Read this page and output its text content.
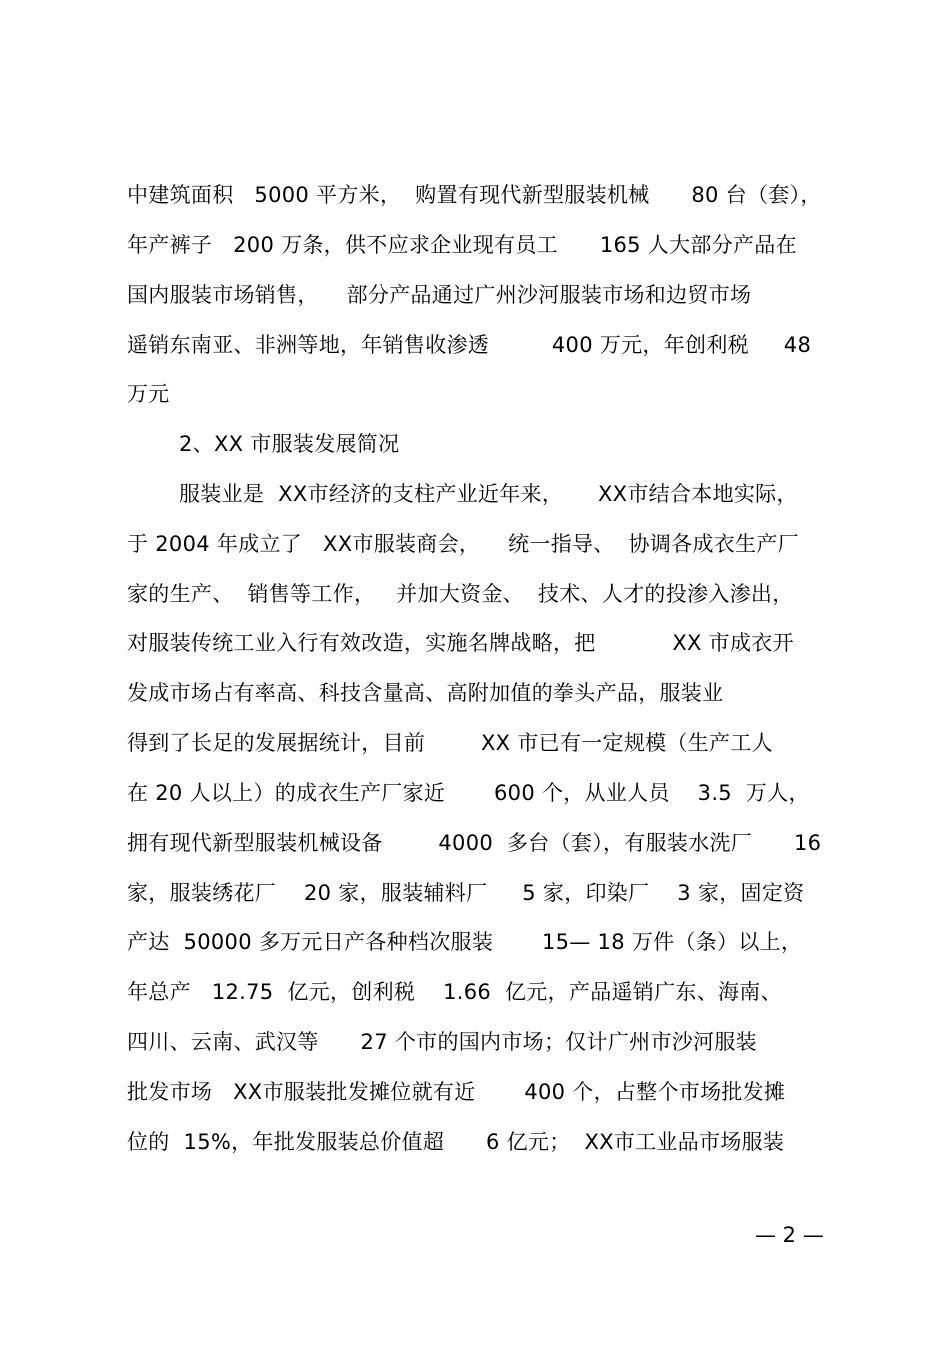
中建筑面积   5000 平方米，  购置有现代新型服装机械      80 台（套），
年产裤子   200 万条，供不应求企业现有员工      165 人大部分产品在
国内服装市场销售，    部分产品通过广州沙河服装市场和边贸市场
遥销东南亚、非洲等地，年销售收渗透         400 万元，年创利税     48
万元
2、XX 市服装发展简况
服装业是  XX市经济的支柱产业近年来，     XX市结合本地实际，
于 2004 年成立了   XX市服装商会，    统一指导、  协调各成衣生产厂
家的生产、  销售等工作，   并加大资金、  技术、人才的投渗入渗出，
对服装传统工业入行有效改造，实施名牌战略，把           XX 市成衣开
发成市场占有率高、科技含量高、高附加值的拳头产品，服装业
得到了长足的发展据统计，目前        XX 市已有一定规模（生产工人
在 20 人以上）的成衣生产厂家近       600 个，从业人员    3.5  万人，
拥有现代新型服装机械设备        4000  多台（套），有服装水洗厂      16
家，服装绣花厂    20 家，服装辅料厂     5 家，印染厂    3 家，固定资
产达  50000 多万元日产各种档次服装       15— 18 万件（条）以上，
年总产   12.75  亿元，创利税    1.66  亿元，产品遥销广东、海南、
四川、云南、武汉等      27 个市的国内市场；仅计广州市沙河服装
批发市场   XX市服装批发摊位就有近       400 个，占整个市场批发摊
位的  15%，年批发服装总价值超      6 亿元；  XX市工业品市场服装
— 2 —
